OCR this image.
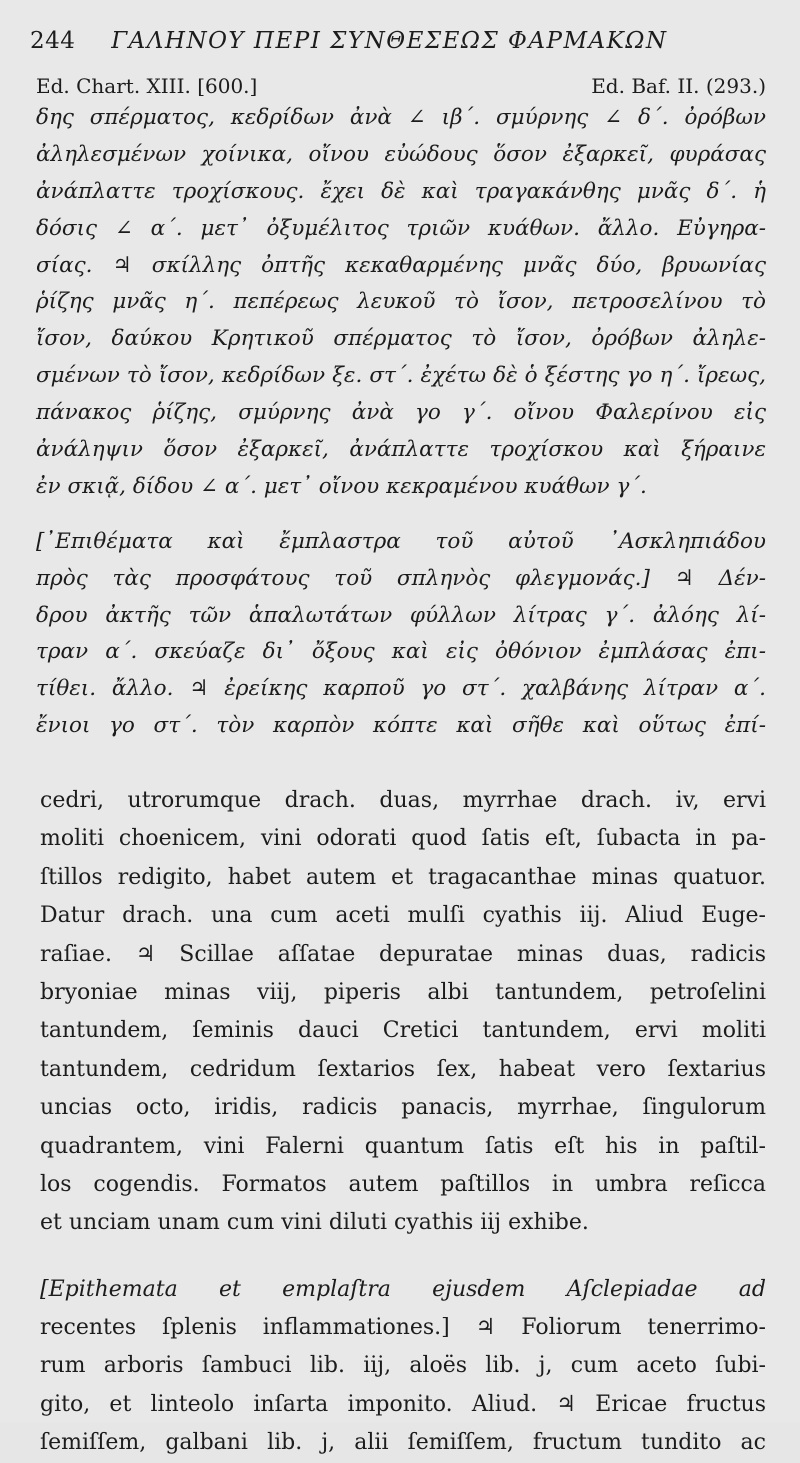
244 ΓΑΛΗΝΟΥ ΠΕΡΙ ΣΥΝΘΕΣΕΩΣ ΦΑΡΜΑΚΩΝ
Ed. Chart. XIII. [600.]	Ed. Baf. II. (293.)
δης σπέρματος, κεδρίδων ἀνὰ ∠ ιβ΄. σμύρνης ∠ δ΄. ὀρόβων
ἀληλεσμένων χοίνικα, οἴνου εὐώδους ὅσον ἐξαρκεῖ, φυράσας
ἀνάπλαττε τροχίσκους. ἔχει δὲ καὶ τραγακάνθης μνᾶς δ΄. ἡ
δόσις ∠ α΄. μετ᾽ ὀξυμέλιτος τριῶν κυάθων. ἄλλο. Εὐγηρα-
σίας. ♃ σκίλλης ὀπτῆς κεκαθαρμένης μνᾶς δύο, βρυωνίας
ῥίζης μνᾶς η΄. πεπέρεως λευκοῦ τὸ ἴσον, πετροσελίνου τὸ
ἴσον, δαύκου Κρητικοῦ σπέρματος τὸ ἴσον, ὀρόβων ἀληλε-
σμένων τὸ ἴσον, κεδρίδων ξε. στ΄. ἐχέτω δὲ ὁ ξέστης γο η΄. ἴρεως,
πάνακος ῥίζης, σμύρνης ἀνὰ γο γ΄. οἴνου Φαλερίνου εἰς
ἀνάληψιν ὅσον ἐξαρκεῖ, ἀνάπλαττε τροχίσκου καὶ ξήραινε
ἐν σκιᾷ, δίδου ∠ α΄. μετ᾽ οἴνου κεκραμένου κυάθων γ΄.
[᾿Επιθέματα καὶ ἔμπλαστρα τοῦ αὐτοῦ ᾿Ασκληπιάδου
πρὸς τὰς προσφάτους τοῦ σπληνὸς φλεγμονάς.] ♃ Δέν-
δρου ἀκτῆς τῶν ἁπαλωτάτων φύλλων λίτρας γ΄. ἀλόης λί-
τραν α΄. σκεύαζε δι᾽ ὄξους καὶ εἰς ὀθόνιον ἐμπλάσας ἐπι-
τίθει. ἄλλο. ♃ ἐρείκης καρποῦ γο στ΄. χαλβάνης λίτραν α΄.
ἔνιοι γο στ΄. τὸν καρπὸν κόπτε καὶ σῆθε καὶ οὕτως ἐπί-
cedri, utrorumque drach. duas, myrrhae drach. iv, ervi
moliti choenicem, vini odorati quod ſatis eſt, ſubacta in pa-
ſtillos redigito, habet autem et tragacanthae minas quatuor.
Datur drach. una cum aceti mulſi cyathis iij. Aliud Euge-
raſiae. ♃ Scillae aſſatae depuratae minas duas, radicis
bryoniae minas viij, piperis albi tantundem, petroſelini
tantundem, ſeminis dauci Cretici tantundem, ervi moliti
tantundem, cedridum ſextarios ſex, habeat vero ſextarius
uncias octo, iridis, radicis panacis, myrrhae, ſingulorum
quadrantem, vini Falerni quantum ſatis eſt his in paſtil-
los cogendis. Formatos autem paſtillos in umbra reſicca
et unciam unam cum vini diluti cyathis iij exhibe.
[Epithemata et emplaſtra ejusdem Aſclepiadae ad
recentes ſplenis inflammationes.] ♃ Foliorum tenerrimo-
rum arboris ſambuci lib. iij, aloës lib. j, cum aceto ſubi-
gito, et linteolo inſarta imponito. Aliud. ♃ Ericae fructus
ſemiſſem, galbani lib. j, alii ſemiſſem, fructum tundito ac
